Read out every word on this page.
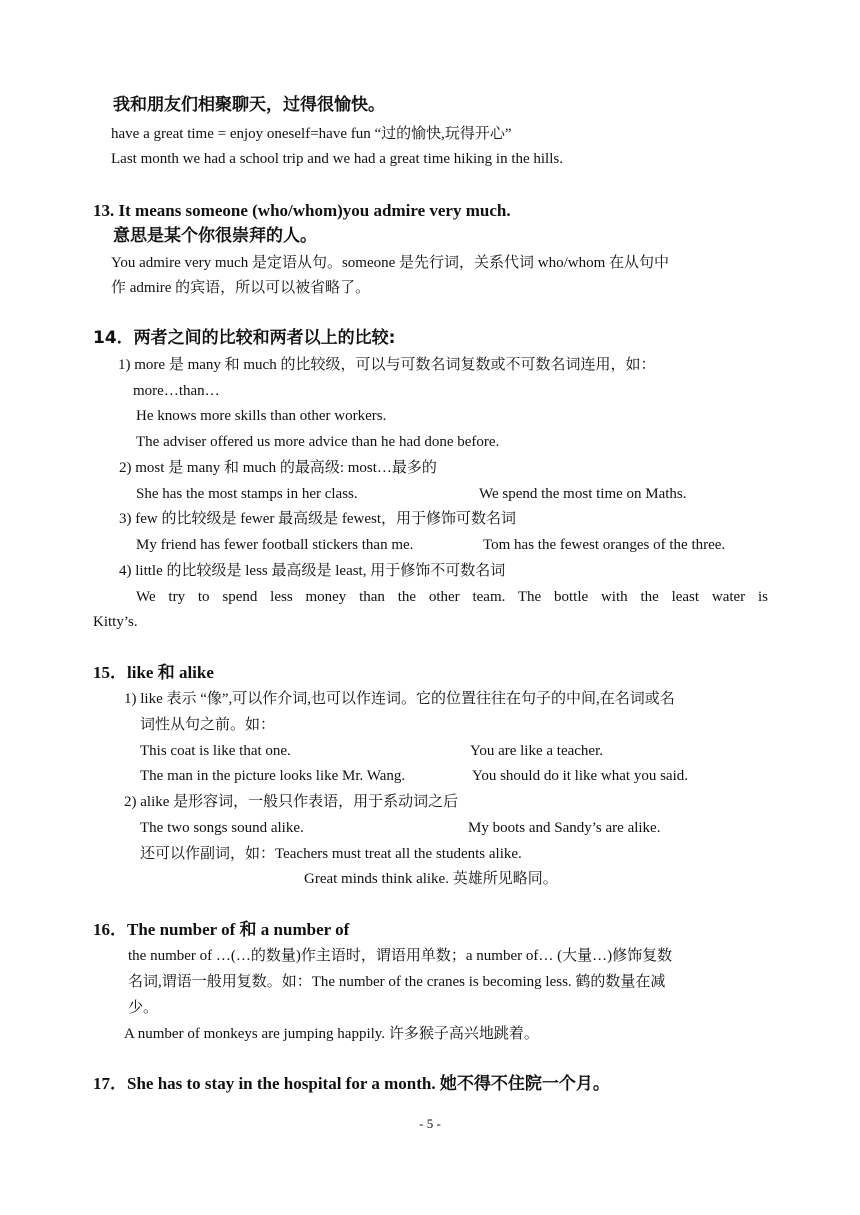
我和朋友们相聚聊天，过得很愉快。
have a great time = enjoy oneself=have fun “过的愉快,玩得开心”
Last month we had a school trip and we had a great time hiking in the hills.
13. It means someone (who/whom)you admire very much.
意思是某个你很崇拜的人。
You admire very much 是定语从句。someone 是先行词，关系代词 who/whom 在从句中
作 admire 的宾语，所以可以被省略了。
14．两者之间的比较和两者以上的比较:
1) more 是 many 和 much 的比较级，可以与可数名词复数或不可数名词连用，如：
more…than…
He knows more skills than other workers.
The adviser offered us more advice than he had done before.
2) most 是 many 和 much 的最高级: most…最多的
She has the most stamps in her class.	We spend the most time on Maths.
3) few 的比较级是 fewer 最高级是 fewest，用于修饰可数名词
My friend has fewer football stickers than me.	Tom has the fewest oranges of the three.
4) little 的比较级是 less 最高级是 least, 用于修饰不可数名词
We try to spend less money than the other team. The bottle with the least water is
Kitty’s.
15．like 和 alike
1) like 表示 “像”,可以作介词,也可以作连词。它的位置往往在句子的中间,在名词或名
词性从句之前。如：
This coat is like that one.	You are like a teacher.
The man in the picture looks like Mr. Wang.	You should do it like what you said.
2) alike 是形容词，一般只作表语，用于系动词之后
The two songs sound alike.	My boots and Sandy’s are alike.
还可以作副词，如：Teachers must treat all the students alike.
Great minds think alike. 英雄所见略同。
16．The number of 和 a number of
the number of …(…的数量)作主语时，谓语用单数；a number of… (大量…)修饰复数
名词,谓语一般用复数。如：The number of the cranes is becoming less. 鹤的数量在减
少。
A number of monkeys are jumping happily. 许多猴子高兴地跳着。
17．She has to stay in the hospital for a month. 她不得不住院一个月。
- 5 -
